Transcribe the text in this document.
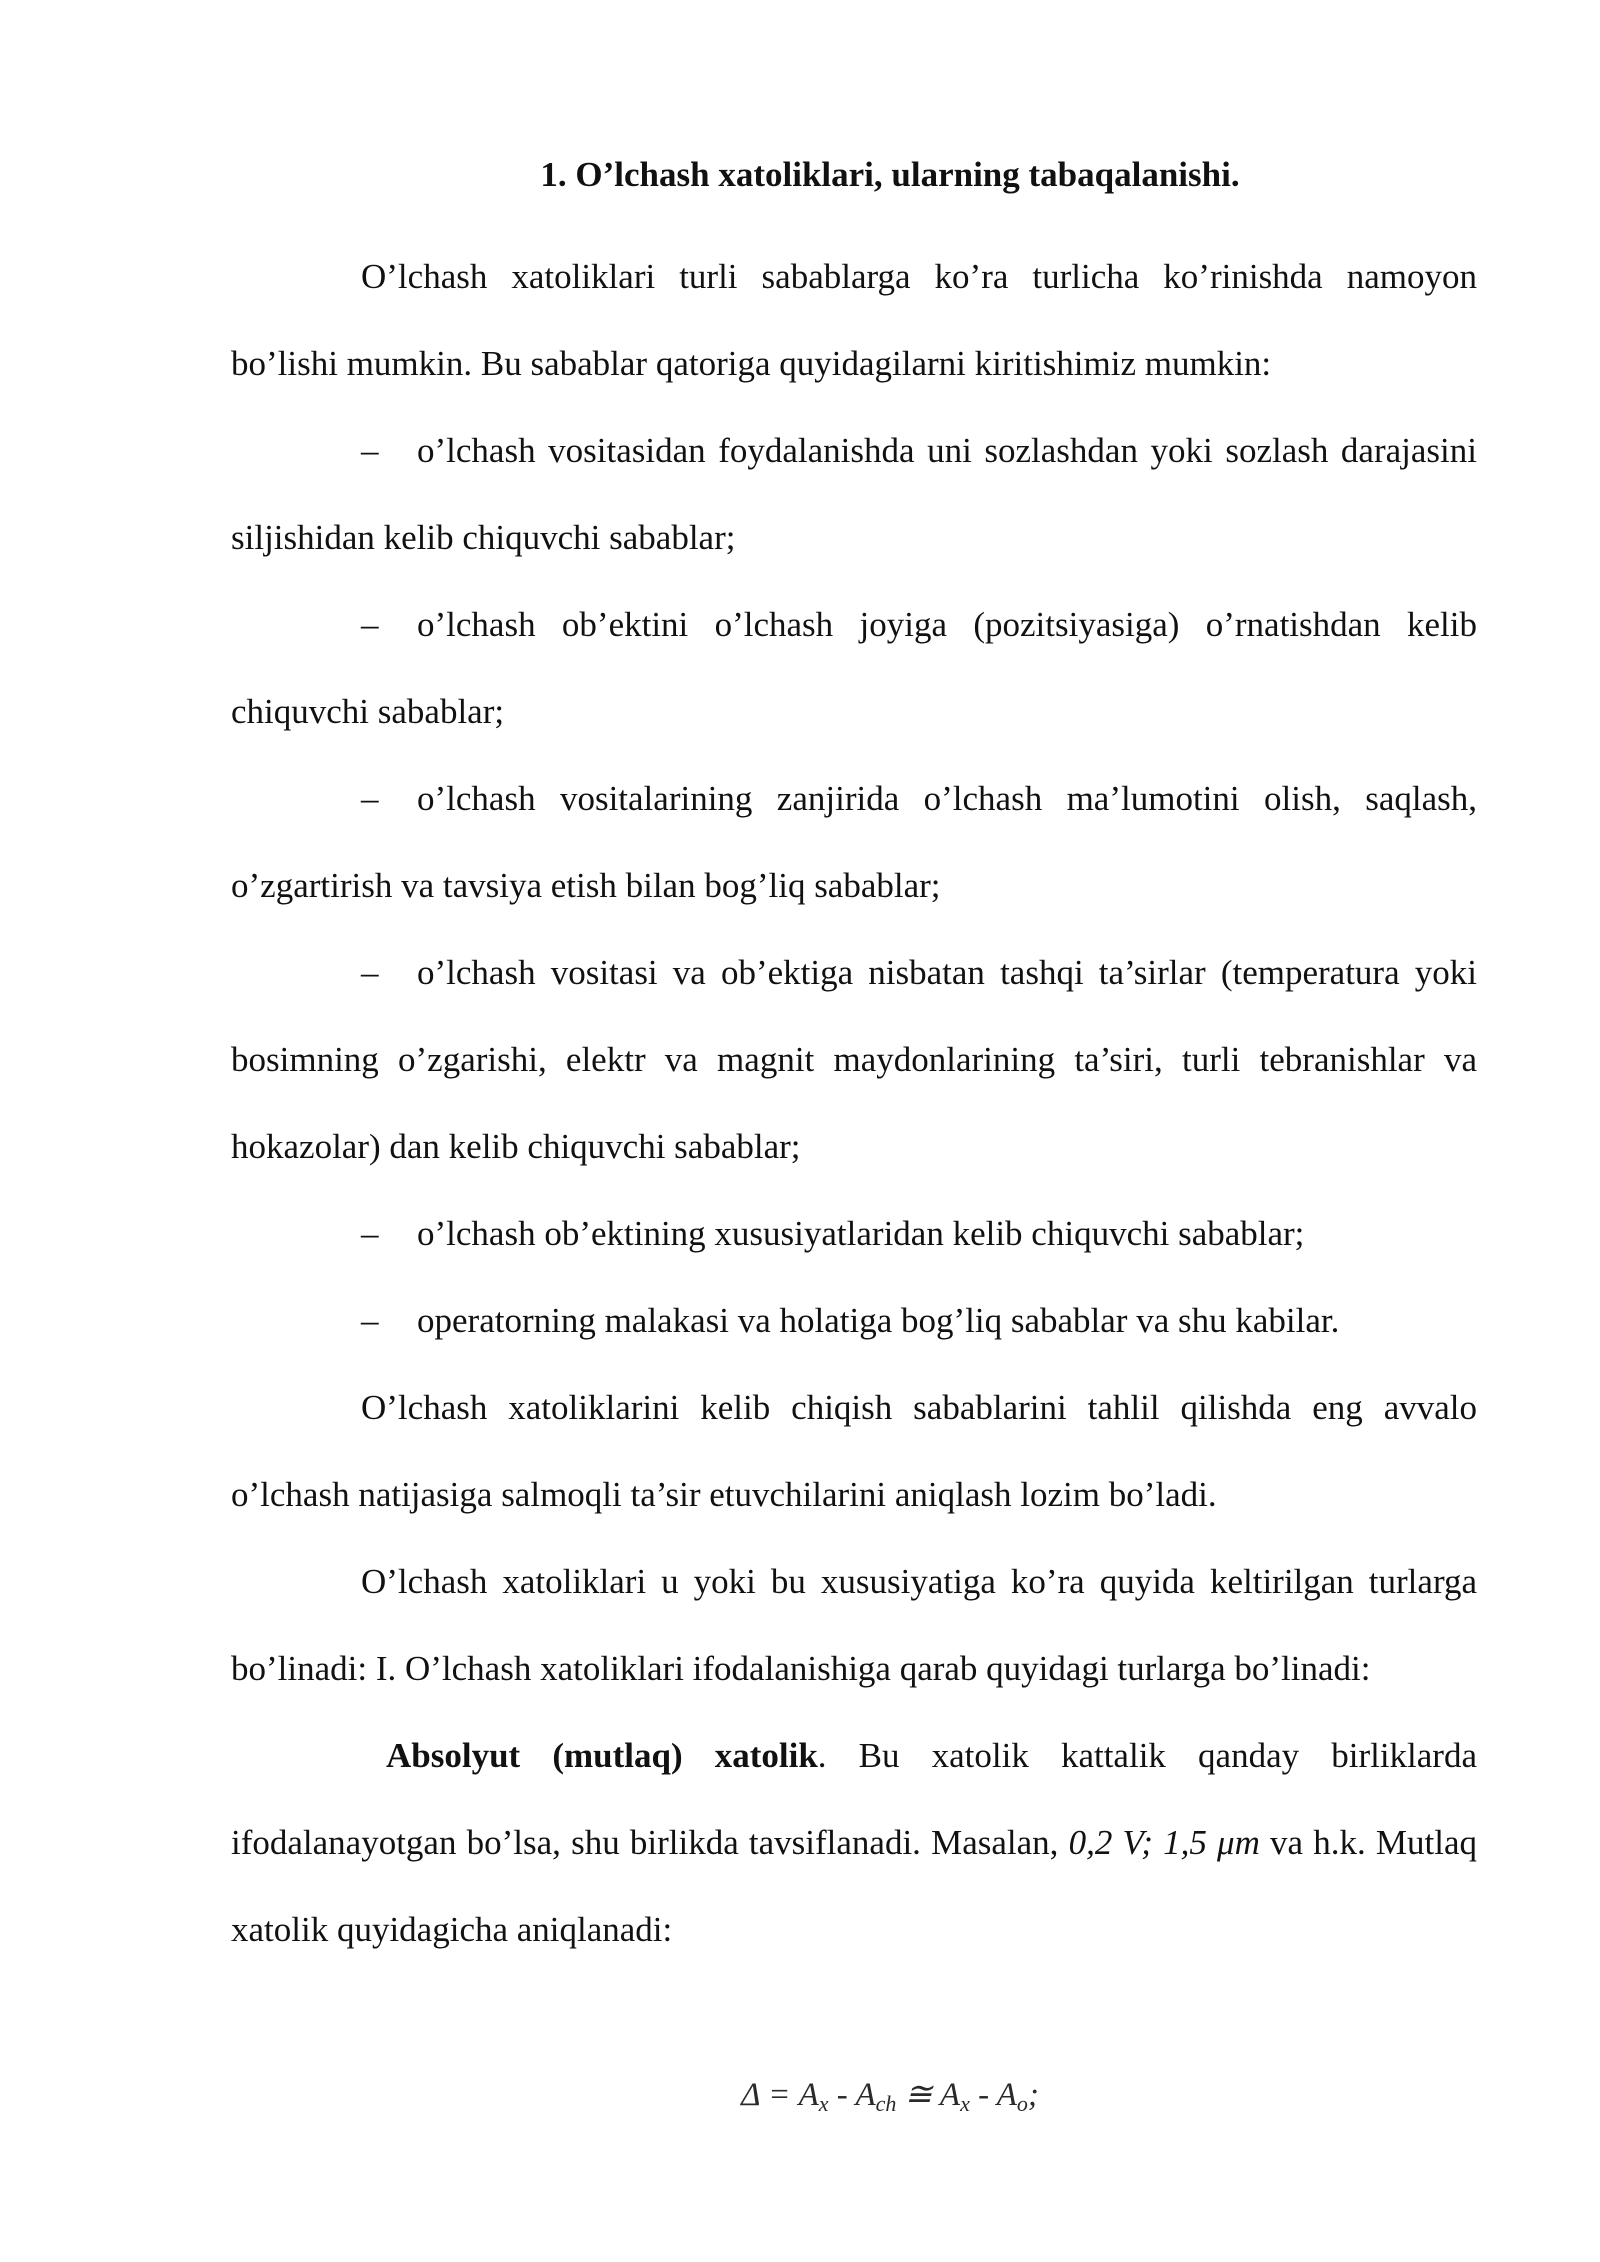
1. O’lchash xatoliklari, ularning tabaqalanishi.

O’lchash xatoliklari turli sabablarga ko’ra turlicha ko’rinishda namoyon bo’lishi mumkin. Bu sabablar qatoriga quyidagilarni kiritishimiz mumkin:

– o’lchash vositasidan foydalanishda uni sozlashdan yoki sozlash darajasini siljishidan kelib chiquvchi sabablar;

– o’lchash ob’ektini o’lchash joyiga (pozitsiyasiga) o’rnatishdan kelib chiquvchi sabablar;

– o’lchash vositalarining zanjirida o’lchash ma’lumotini olish, saqlash, o’zgartirish va tavsiya etish bilan bog’liq sabablar;

– o’lchash vositasi va ob’ektiga nisbatan tashqi ta’sirlar (temperatura yoki bosimning o’zgarishi, elektr va magnit maydonlarining ta’siri, turli tebranishlar va hokazolar) dan kelib chiquvchi sabablar;

– o’lchash ob’ektining xususiyatlaridan kelib chiquvchi sabablar;

– operatorning malakasi va holatiga bog’liq sabablar va shu kabilar.

O’lchash xatoliklarini kelib chiqish sabablarini tahlil qilishda eng avvalo o’lchash natijasiga salmoqli ta’sir etuvchilarini aniqlash lozim bo’ladi.

O’lchash xatoliklari u yoki bu xususiyatiga ko’ra quyida keltirilgan turlarga bo’linadi: I. O’lchash xatoliklari ifodalanishiga qarab quyidagi turlarga bo’linadi:

Absolyut (mutlaq) xatolik. Bu xatolik kattalik qanday birliklarda ifodalanayotgan bo’lsa, shu birlikda tavsiflanadi. Masalan, 0,2 V; 1,5 μm va h.k. Mutlaq xatolik quyidagicha aniqlanadi:

$\Delta = A_x - A_{ch}$ ≅ $A_x - A_o$;
